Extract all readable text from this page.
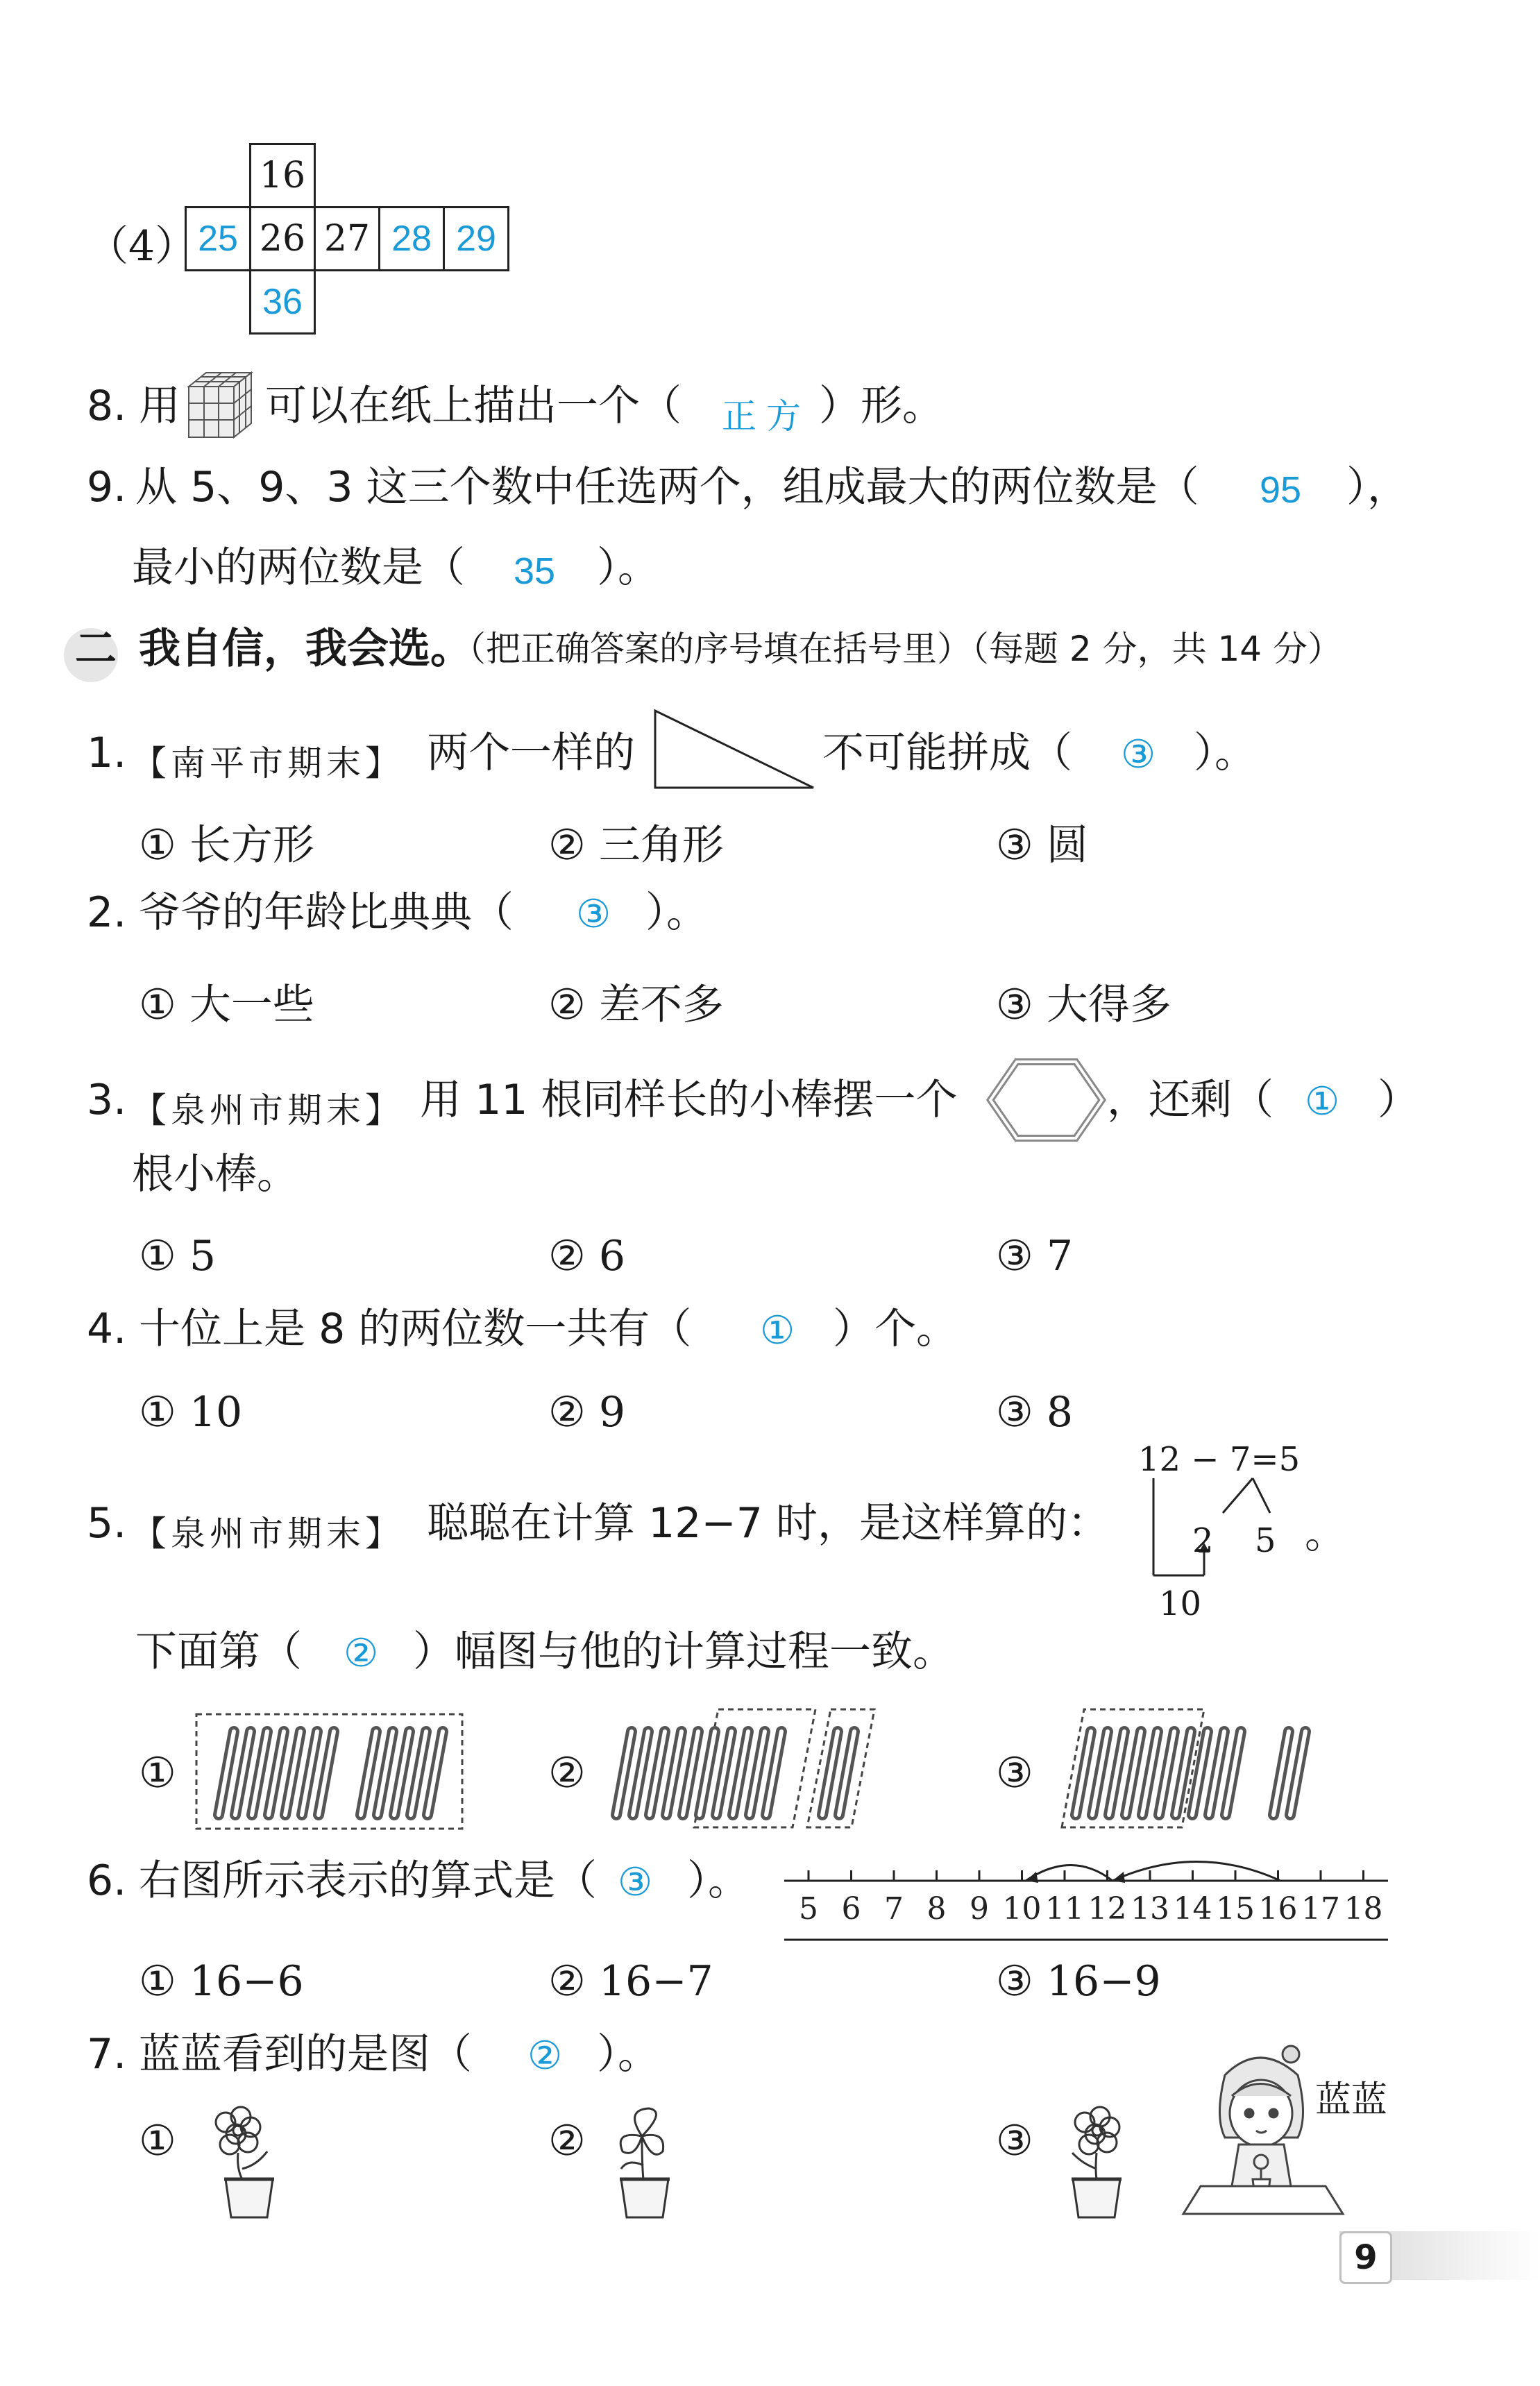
（4）
	16			
25	26	27	28	29
	36			
8. 用 可以在纸上描出一个（ 正方 ）形。
9. 从 5、9、3 这三个数中任选两个，组成最大的两位数是（ 95 ），
最小的两位数是（ 35 ）。
二 我自信，我会选。
（把正确答案的序号填在括号里）（每题 2 分，共 14 分）
1. 【南平市期末】 两个一样的	不可能拼成（ ③ ）。
① 长方形	② 三角形	③ 圆
2. 爷爷的年龄比典典（ ③ ）。
① 大一些	② 差不多	③ 大得多
3. 【泉州市期末】 用 11 根同样长的小棒摆一个	，还剩（ ① ）
根小棒。
① 5	② 6	③ 7
4. 十位上是 8 的两位数一共有（ ① ）个。
① 10	② 9	③ 8
5. 【泉州市期末】 聪聪在计算 12−7 时，是这样算的：
12 − 7=5
2 5
10
。
下面第（ ② ）幅图与他的计算过程一致。
①	②	③
6. 右图所示表示的算式是（ ③ ）。
5 6 7 8 9 10 11 12 13 14 15 16 17 18
① 16−6	② 16−7	③ 16−9
7. 蓝蓝看到的是图（ ② ）。
①	②	③
蓝蓝
9
